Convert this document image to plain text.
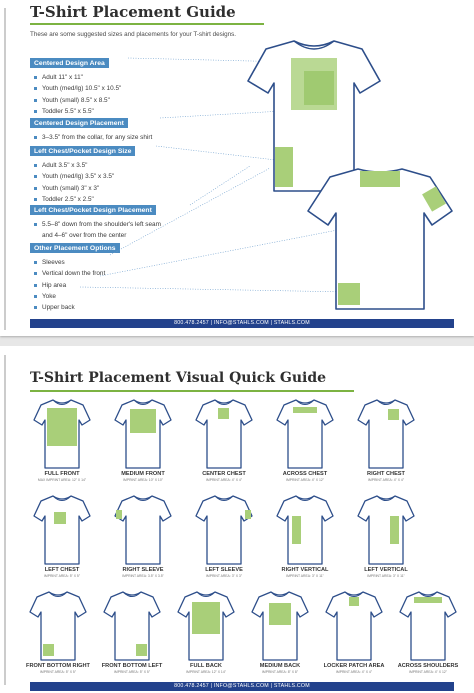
T-Shirt Placement Guide
These are some suggested sizes and placements for your T-shirt designs.
Centered Design Area
Adult 11" x 11"
Youth (med/lg) 10.5" x 10.5"
Youth (small) 8.5" x 8.5"
Toddler 5.5" x 5.5"
Centered Design Placement
3–3.5" from the collar, for any size shirt
Left Chest/Pocket Design Size
Adult 3.5" x 3.5"
Youth (med/lg) 3.5" x 3.5"
Youth (small) 3" x 3"
Toddler 2.5" x 2.5"
Left Chest/Pocket Design Placement
5.5–8" down from the shoulder's left seam
and 4–6" over from the center
Other Placement Options
Sleeves
Vertical down the front
Hip area
Yoke
Upper back
800.478.2457 | INFO@STAHLS.COM | STAHLS.COM
T-Shirt Placement Visual Quick Guide
FULL FRONT
MAX IMPRINT AREA: 12" X 14"
MEDIUM FRONT
IMPRINT AREA: 10" X 10"
CENTER CHEST
IMPRINT AREA: 4" X 4"
ACROSS CHEST
IMPRINT AREA: 4" X 12"
RIGHT CHEST
IMPRINT AREA: 4" X 4"
LEFT CHEST
IMPRINT AREA: 5" X 5"
RIGHT SLEEVE
IMPRINT AREA: 3.5" X 3.5"
LEFT SLEEVE
IMPRINT AREA: 3" X 3"
RIGHT VERTICAL
IMPRINT AREA: 3" X 11"
LEFT VERTICAL
IMPRINT AREA: 3" X 11"
FRONT BOTTOM RIGHT
IMPRINT AREA: 5" X 5"
FRONT BOTTOM LEFT
IMPRINT AREA: 5" X 5"
FULL BACK
IMPRINT AREA: 12" X 14"
MEDIUM BACK
IMPRINT AREA: 8" X 8"
LOCKER PATCH AREA
IMPRINT AREA: 4" X 4"
ACROSS SHOULDERS
IMPRINT AREA: 4" X 12"
800.478.2457 | INFO@STAHLS.COM | STAHLS.COM
